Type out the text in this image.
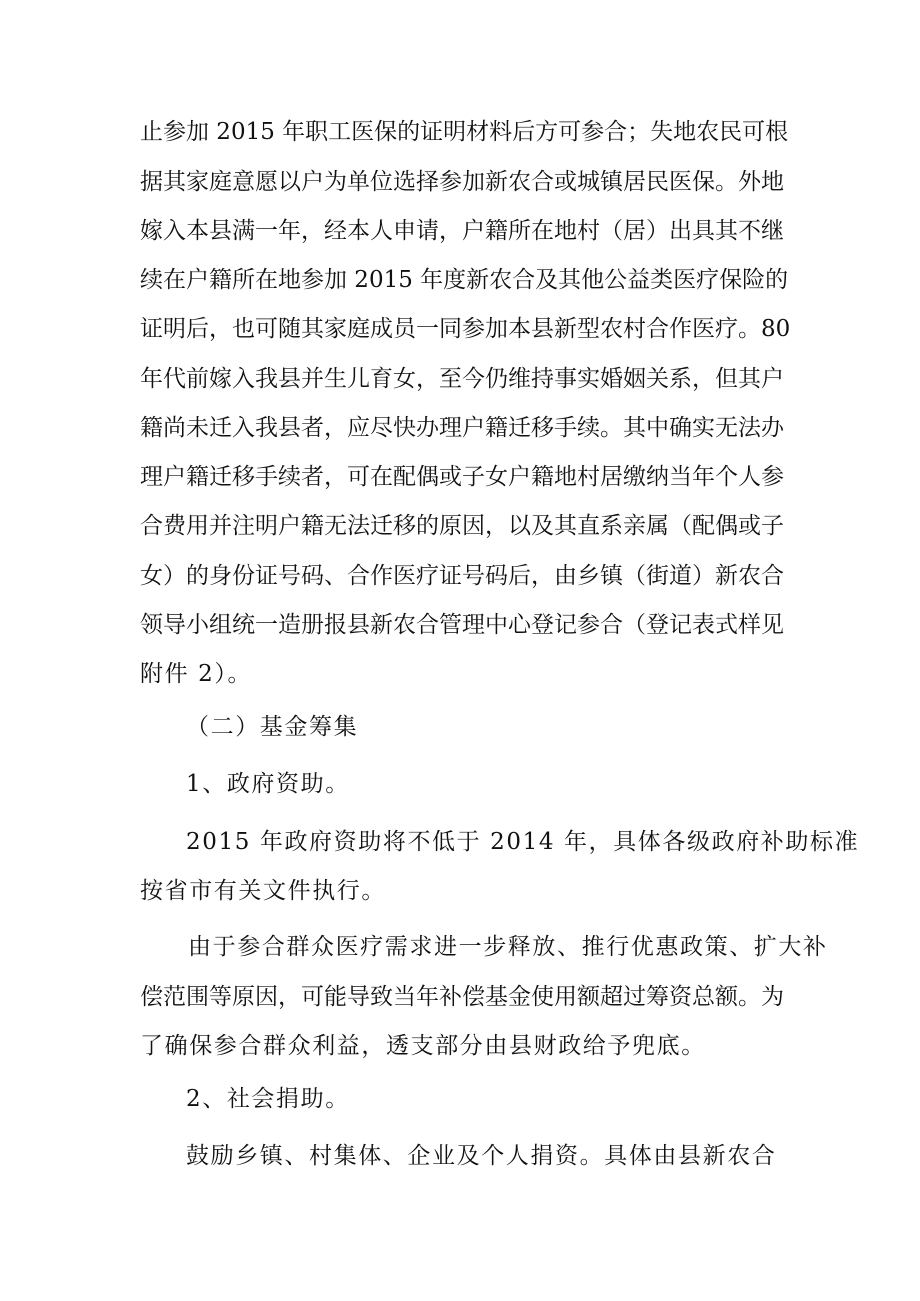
止参加 2015 年职工医保的证明材料后方可参合；失地农民可根
据其家庭意愿以户为单位选择参加新农合或城镇居民医保。外地
嫁入本县满一年，经本人申请，户籍所在地村（居）出具其不继
续在户籍所在地参加 2015 年度新农合及其他公益类医疗保险的
证明后，也可随其家庭成员一同参加本县新型农村合作医疗。80
年代前嫁入我县并生儿育女，至今仍维持事实婚姻关系，但其户
籍尚未迁入我县者，应尽快办理户籍迁移手续。其中确实无法办
理户籍迁移手续者，可在配偶或子女户籍地村居缴纳当年个人参
合费用并注明户籍无法迁移的原因，以及其直系亲属（配偶或子
女）的身份证号码、合作医疗证号码后，由乡镇（街道）新农合
领导小组统一造册报县新农合管理中心登记参合（登记表式样见
附件 2）。
（二）基金筹集
1、政府资助。
2015 年政府资助将不低于 2014 年，具体各级政府补助标准
按省市有关文件执行。
由于参合群众医疗需求进一步释放、推行优惠政策、扩大补
偿范围等原因，可能导致当年补偿基金使用额超过筹资总额。为
了确保参合群众利益，透支部分由县财政给予兜底。
2、社会捐助。
鼓励乡镇、村集体、企业及个人捐资。具体由县新农合
